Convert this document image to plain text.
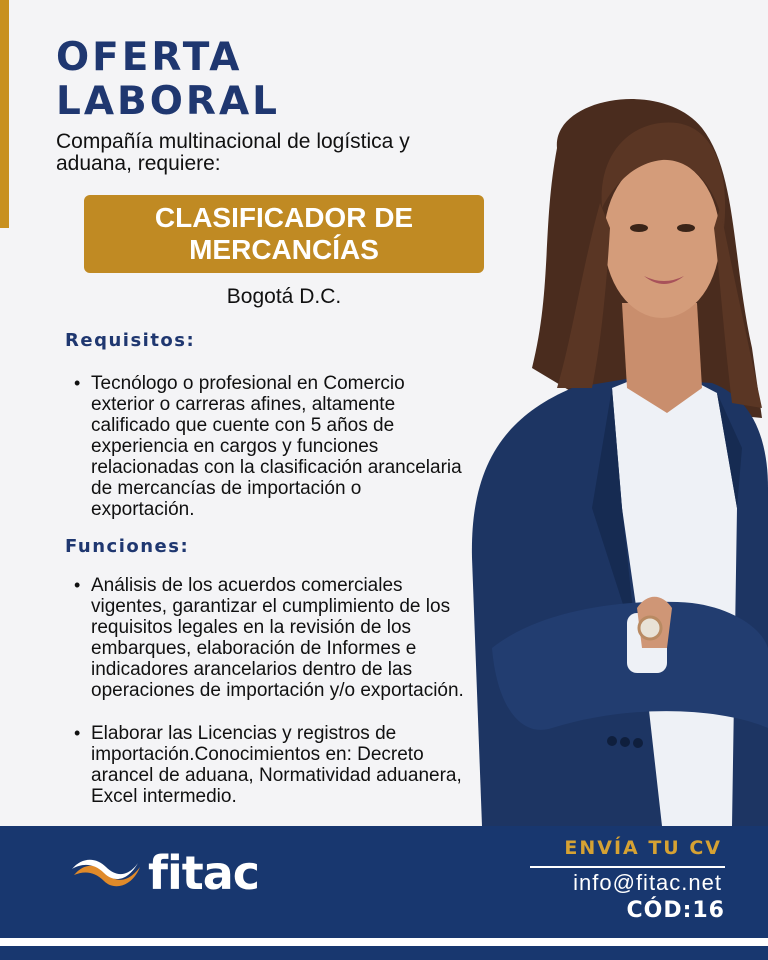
OFERTA
LABORAL
Compañía multinacional de logística y aduana, requiere:
CLASIFICADOR DE MERCANCÍAS
Bogotá D.C.
Requisitos:
• Tecnólogo o profesional en Comercio exterior o carreras afines, altamente calificado que cuente con 5 años de experiencia en cargos y funciones relacionadas con la clasificación arancelaria de mercancías de importación o exportación.
Funciones:
• Análisis de los acuerdos comerciales vigentes, garantizar el cumplimiento de los requisitos legales en la revisión de los embarques, elaboración de Informes e indicadores arancelarios dentro de las operaciones de importación y/o exportación.
• Elaborar las Licencias y registros de importación.Conocimientos en: Decreto arancel de aduana, Normatividad aduanera, Excel intermedio.
fitac	ENVÍA TU CV
info@fitac.net
CÓD:16
